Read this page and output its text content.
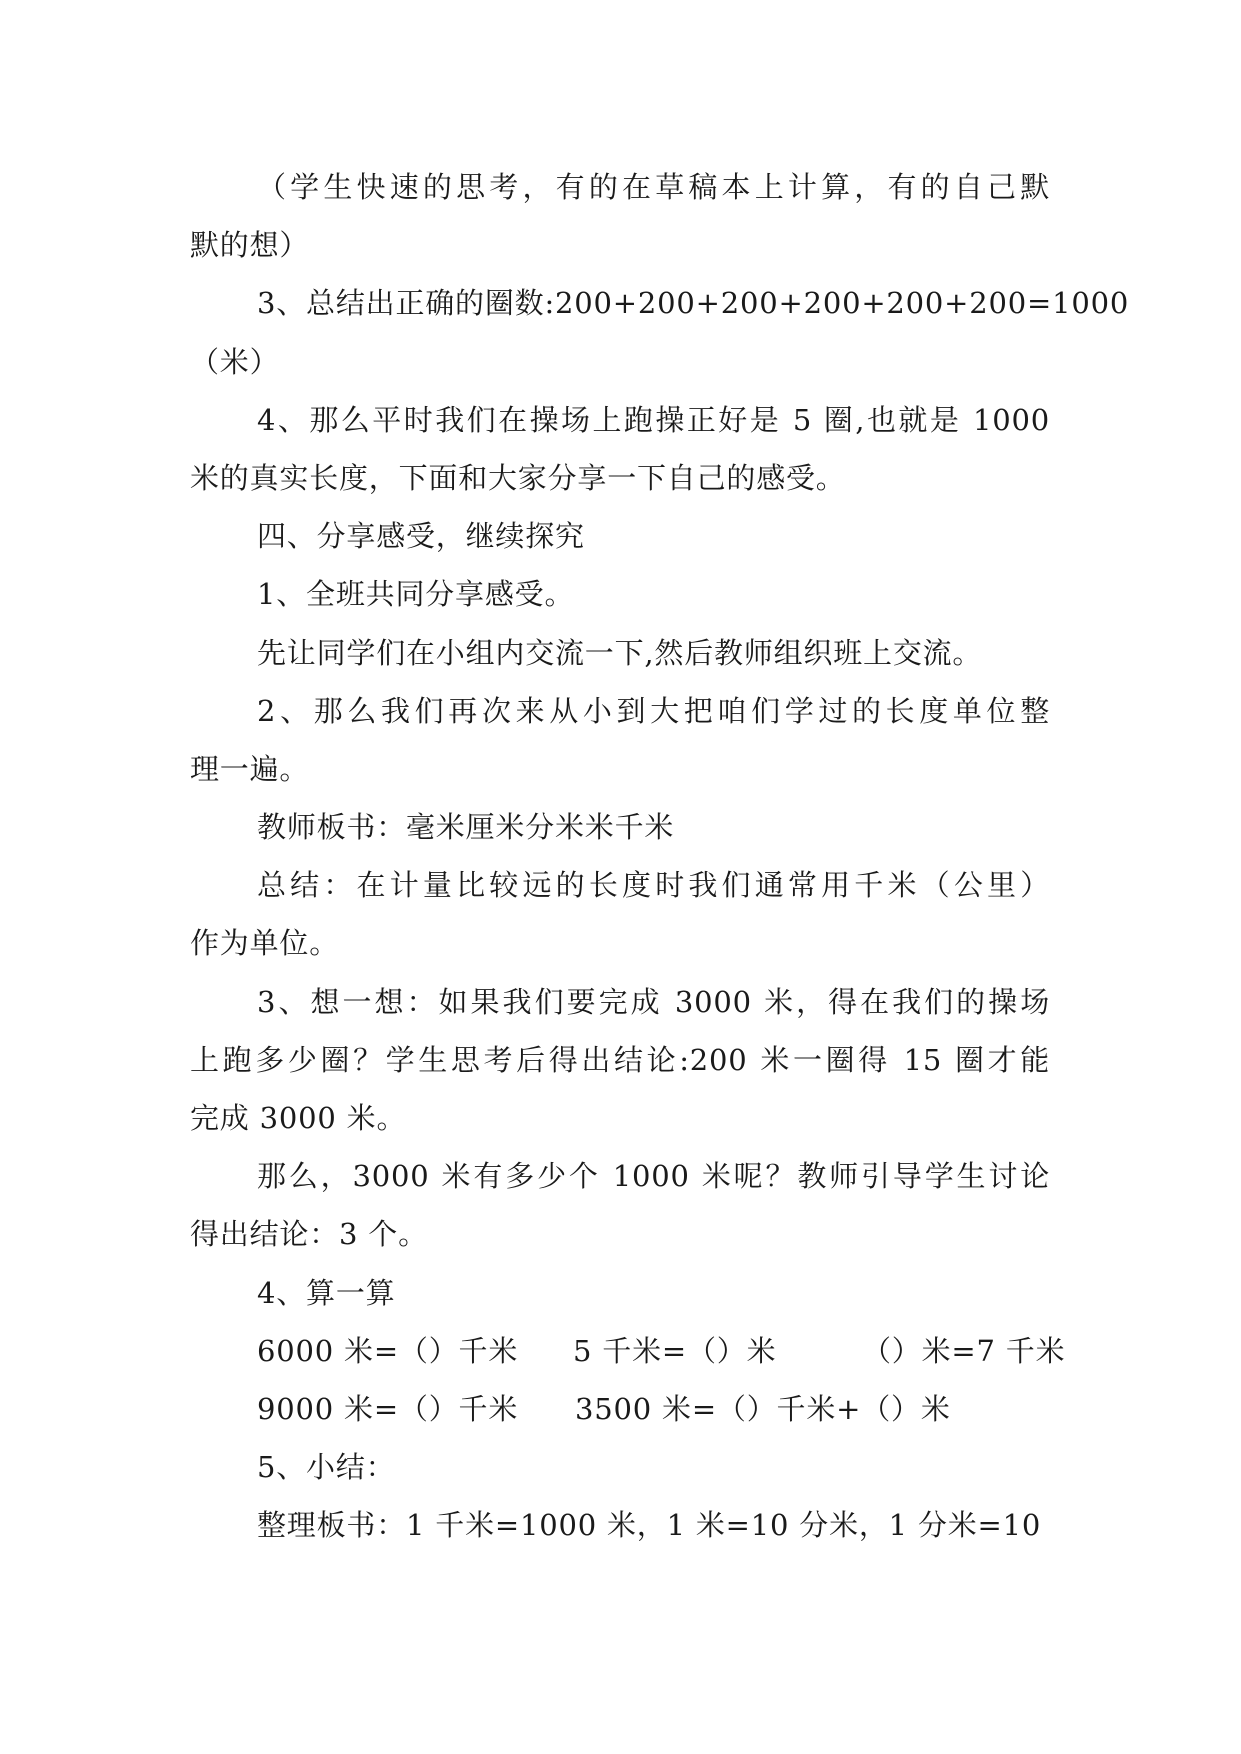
（学生快速的思考，有的在草稿本上计算，有的自己默
默的想）
3、总结出正确的圈数:200+200+200+200+200+200=1000
（米）
4、那么平时我们在操场上跑操正好是 5 圈,也就是 1000
米的真实长度，下面和大家分享一下自己的感受。
四、分享感受，继续探究
1、全班共同分享感受。
先让同学们在小组内交流一下,然后教师组织班上交流。
2、那么我们再次来从小到大把咱们学过的长度单位整
理一遍。
教师板书：毫米厘米分米米千米
总结：在计量比较远的长度时我们通常用千米（公里）
作为单位。
3、想一想：如果我们要完成 3000 米，得在我们的操场
上跑多少圈？学生思考后得出结论:200 米一圈得 15 圈才能
完成 3000 米。
那么，3000 米有多少个 1000 米呢？教师引导学生讨论
得出结论：3 个。
4、算一算
6000 米=（）千米 5 千米=（）米	（）米=7 千米
9000 米=（）千米 3500 米=（）千米+（）米
5、小结：
整理板书：1 千米=1000 米，1 米=10 分米，1 分米=10
